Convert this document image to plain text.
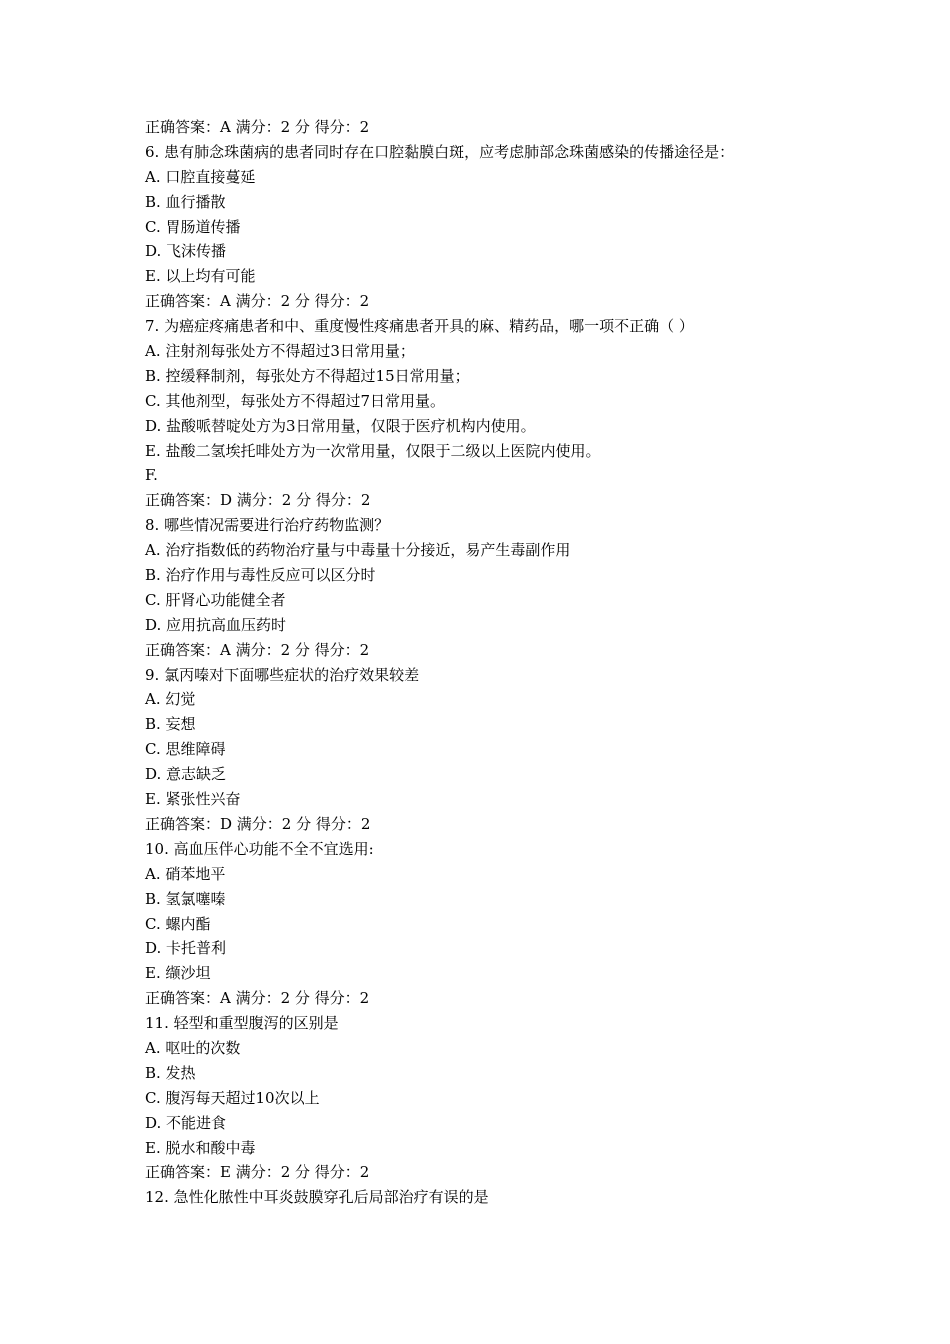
正确答案：A 满分：2 分 得分：2
6. 患有肺念珠菌病的患者同时存在口腔黏膜白斑，应考虑肺部念珠菌感染的传播途径是：
A. 口腔直接蔓延
B. 血行播散
C. 胃肠道传播
D. 飞沫传播
E. 以上均有可能
正确答案：A 满分：2 分 得分：2
7. 为癌症疼痛患者和中、重度慢性疼痛患者开具的麻、精药品，哪一项不正确（ ）
A. 注射剂每张处方不得超过3日常用量；
B. 控缓释制剂，每张处方不得超过15日常用量；
C. 其他剂型，每张处方不得超过7日常用量。
D. 盐酸哌替啶处方为3日常用量，仅限于医疗机构内使用。
E. 盐酸二氢埃托啡处方为一次常用量，仅限于二级以上医院内使用。
F.
正确答案：D 满分：2 分 得分：2
8. 哪些情况需要进行治疗药物监测？
A. 治疗指数低的药物治疗量与中毒量十分接近，易产生毒副作用
B. 治疗作用与毒性反应可以区分时
C. 肝肾心功能健全者
D. 应用抗高血压药时
正确答案：A 满分：2 分 得分：2
9. 氯丙嗪对下面哪些症状的治疗效果较差
A. 幻觉
B. 妄想
C. 思维障碍
D. 意志缺乏
E. 紧张性兴奋
正确答案：D 满分：2 分 得分：2
10. 高血压伴心功能不全不宜选用:
A. 硝苯地平
B. 氢氯噻嗪
C. 螺内酯
D. 卡托普利
E. 缬沙坦
正确答案：A 满分：2 分 得分：2
11. 轻型和重型腹泻的区别是
A. 呕吐的次数
B. 发热
C. 腹泻每天超过10次以上
D. 不能进食
E. 脱水和酸中毒
正确答案：E 满分：2 分 得分：2
12. 急性化脓性中耳炎鼓膜穿孔后局部治疗有误的是
